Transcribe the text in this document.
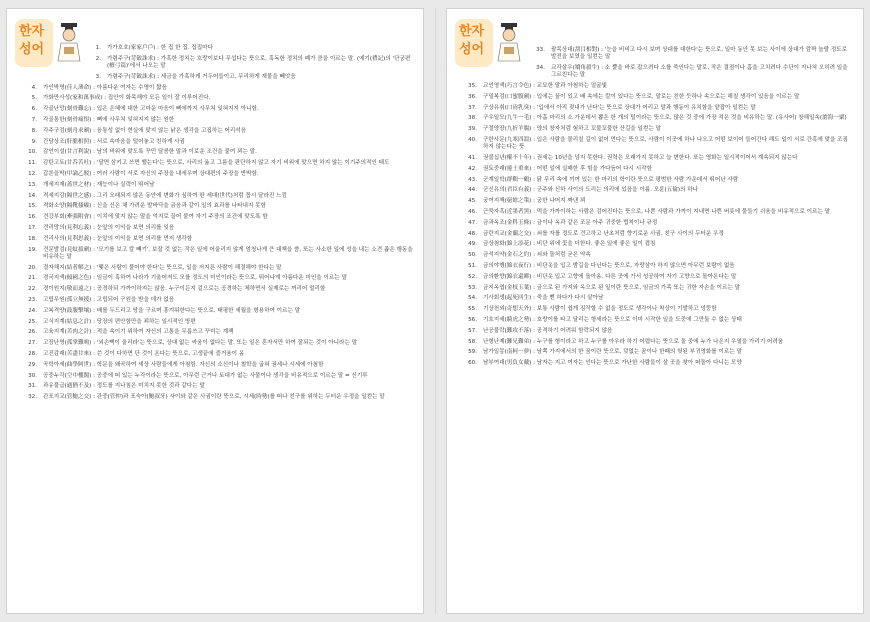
한자
성어	1.	가가호호(家家戶戶) : 한 집 한 집. 집집마다
2.	가렴주구(苛斂誅求) : 가혹한 정치는 호랑이보다 무섭다는 뜻으로, 혹독한 정치의 폐가 큼을 이르는 말. (예기(禮記)의 '단궁편(檀弓篇)'에서 나오는 말
3.	가렴주구(苛斂誅求) : 세금을 가혹하게 거두어들이고, 무리하게 재물을 빼앗음
4.	가인박명(佳人薄命) : 아름다운 여자는 수명이 짧음
5.	가화만사성(家和萬事成) : 집안이 화목해야 모든 일이 잘 이루어진다.
6.	각골난망(刻骨難忘) : 입은 은혜에 대한 고마운 마음이 뼈에까지 사무쳐 잊혀지지 아니함.
7.	각골통한(刻骨痛恨) : 뼈에 사무쳐 잊혀지지 않는 원한
8.	각주구검(刻舟求劍) : 융통성 없이 현실에 맞지 않는 낡은 생각을 고집하는 어리석음
9.	간담상조(肝膽相照) : 서로 속마음을 털어놓고 친하게 사귐
10.	감언이설(甘言利說) : 남의 비위에 맞도록 꾸민 달콤한 말과 이로운 조건을 붙여 꾀는 말.
11.	감탄고토(甘呑苦吐) : '달면 삼키고 쓰면 뱉는다'는 뜻으로, 사리의 옳고 그름을 판단하지 않고 자기 비위에 맞으면 하지 않는 이기주의적인 태도
12.	갑론을박(甲論乙駁) : 여러 사람이 서로 자신의 주장을 내세우며 상대편의 주장을 반박함.
13.	개세지재(蓋世之材) : 재능이나 실력이 뛰어남
14.	격세지감(隔世之感) : 그리 오래되지 않은 동안에 변화가 심하여 딴 세대(世代)처럼 몹시 달라진 느낌
15.	격화소양(隔靴搔癢) : 신을 신은 채 가려운 발바닥을 긁음과 같이 일의 효과를 나타내지 못함
16.	견강부회(牽强附會) : 이치에 맞지 않는 말을 억지로 끌어 붙여 자기 주장의 조건에 맞도록 함
17.	견리망의(見利忘義) : 눈앞의 이익을 보면 의리를 잊음
18.	견리사의(見利思義) : 눈앞의 이익을 보면 의리를 먼저 생각함
19.	견문발검(見蚊拔劍) : '모기를 보고 칼 빼기', 보잘 것 없는 작은 일에 어울리지 않게 엄청나게 큰 대책을 씀, 또는 사소한 일에 성을 내는 소견 좁은 행동을 비유하는 말
20.	결자해지(結者解之) : '맺은 사람이 풀어야 한다'는 뜻으로, 일을 저지른 사람이 해결해야 한다는 말
21.	경국지색(傾國之色) : 임금이 혹하여 나라가 기울어져도 모를 정도의 미인이라는 뜻으로, 뛰어나게 아름다운 미인을 이르는 말
22.	경이원지(敬而遠之) : 공경하되 가까이하지는 않음. 누구이든지 겉으로는 공경하는 체하면서 실제로는 꺼리어 멀리함
23.	고립무원(孤立無援) : 고립되어 구원을 받을 데가 없음
24.	고복격양(鼓腹擊壤) : 배를 두드리고 땅을 구르며 흥겨워한다는 뜻으로, 태평한 세월을 형용하여 이르는 말
25.	고식지계(姑息之計) : 당장의 편안함만을 꾀하는 일시적인 방편
26.	고육지계(苦肉之計) : 적을 속이기 위하여 자신의 고통을 무릅쓰고 꾸미는 계책
27.	고장난명(孤掌難鳴) : '외손뼉이 울리라'는 뜻으로, 상대 없는 싸움이 없다는 말. 또는 일은 혼자서만 하여 잘되는 것이 아니라는 말
28.	고진감래(苦盡甘來) : 쓴 것이 다하면 단 것이 온다는 뜻으로, 고생끝에 즐거움이 옴
29.	곡학아세(曲學阿世) : 학문을 왜곡하여 세상 사람들에게 아첨함. 자신의 소신이나 철학을 굽혀 권세나 시세에 아첨함
30.	공중누각(空中樓閣) : 공중에 떠 있는 누각이라는 뜻으로, 아무런 근거나 토대가 없는 사물이나 생각을 비유적으로 이르는 말 = 신기루
31.	과유불급(過猶不及) : 정도를 지나침은 미치지 못한 것과 같다는 말
32.	관포지교(管鮑之交) : 관중(管仲)과 포숙아(鮑叔牙) 사이와 같은 사귐이란 뜻으로, 시세(時勢)를 떠나 친구를 위하는 두터운 우정을 일컫는 말
한자
성어	33.	괄목상대(刮目相對) : '눈을 비비고 다시 보며 상대를 대한다'는 뜻으로, 일마 동안 못 보는 사이에 상대가 깜짝 놀랄 정도로 발전을 보였을 일컫는 말
34.	교각살우(矯角殺牛) : 소 뿔을 바로 잡으려다 소를 죽인다는 말로, 작은 결점이나 흠을 고치려다 수단이 지나쳐 오히려 일을 그르친다는 말
35.	교언영색(巧言令色) : 교묘한 말과 아첨하는 얼굴빛
36.	구밀복검(口蜜腹劍) : 입에는 꿀이 있고 배 속에는 칼이 있다는 뜻으로, 말로는 친한 듯하나 속으로는 해칠 생각이 있음을 이르는 말
37.	구상유취(口尙乳臭) : '입에서 아직 젖내가 난다'는 뜻으로 상대가 어리고 말과 행동이 유치함을 얕잡아 일컫는 말
38.	구우일모(九牛一毛) : 아홉 마리의 소 가운데서 뽑은 한 개의 털이라는 뜻으로, 많은 것 중에 가장 적은 것을 비유하는 말. (유사어) 창해일속(滄海一粟)
39.	구절양장(九折羊腸) : 양의 창자처럼 험하고 꼬불꼬불한 산길을 일컫는 말
40.	구한사문(九寒四溫) : 입은 사람을 물리칠 길이 없어 먼다는 뜻으로, 사람이 이곳에 하나 나오고 어떤 보이어 들어간다 해도 일이 서로 간혹에 맞을 조짐하지 않는다는 뜻
41.	권불십년(權不十年) : 권세는 10년을 넘지 못한다. 권력은 오래가지 못하고 늘 변한다. 또는 영화는 일시적이어서 계속되지 않는다
42.	권토중래(捲土重來) : 어떤 일에 실패한 후 힘을 가다듬어 다시 시작함
43.	군계일학(群鷄一鶴) : 닭 무리 속에 끼여 있는 한 마리의 학이란 뜻으로 평범한 사람 가운데서 뛰어난 사람
44.	군신유의(君臣有義) : 군주와 신하 사이의 도리는 의리에 있음을 이름. 오륜(五倫)의 하나
45.	궁여지책(窮餘之策) : 궁한 나머지 짜낸 꾀
46.	근묵자흑(近墨者黑) : 먹을 가까이하는 사람은 검어진다는 뜻으로, 나쁜 사람과 가까이 지내면 나쁜 버릇에 물들기 쉬움을 비유적으로 이르는 말
47.	금과옥조(金科玉條) : 금이나 옥과 같은 조문 아주 귀중한 법칙이나 규정
48.	금란지교(金蘭之交) : 쇠를 자를 정도로 견고하고 난초처럼 향기로운 사귐, 친구 사이의 두터운 우정
49.	금상첨화(錦上添花) : 비단 위에 꽃을 더한다. 좋은 일에 좋은 일이 겹침
50.	금석지약(金石之約) : 쇠와 돌처럼 굳은 약속
51.	금의야행(錦衣夜行) : 비단옷을 입고 밤길을 다닌다는 뜻으로, 자랑삼아 하지 않으면 아무런 보람이 없음
52.	금의환향(錦衣還鄕) : 비단옷 입고 고향에 돌아옴. 다른 곳에 가서 성공하여 자기 고향으로 돌아온다는 말
53.	금지옥엽(金枝玉葉) : 금으로 된 가지와 옥으로 된 잎이란 뜻으로, 임금의 가족 또는 귀한 자손을 이르는 말
54.	기사회생(起死回生) : 죽을 뻔 하다가 다시 살아남
55.	기상천외(奇想天外) : 보통 사람이 쉽게 짐작할 수 없을 정도로 생각이나 착상이 기발하고 엉뚱함
56.	기호지세(騎虎之勢) : 호랑이를 타고 달리는 형세라는 뜻으로 이미 시작한 일을 도중에 그만둘 수 없는 상태
57.	난공불락(難攻不落) : 공격하기 어려워 함락되지 않음
58.	난형난제(難兄難弟) : 누구를 형이라고 하고 누구를 아우라 하기 어렵다는 뜻으로 둘 중에 누가 나은지 우열을 가리기 어려움
59.	남가일몽(南柯一夢) : 남쪽 가지에서의 한 꿈이란 뜻으로, 덧없는 꿈이나 한때의 헛된 부귀영화를 이르는 말
60.	남부여대(男負女戴) : 남자는 지고 여자는 인다는 뜻으로 가난한 사람들이 살 곳을 찾아 떠돌아 다니는 모양
